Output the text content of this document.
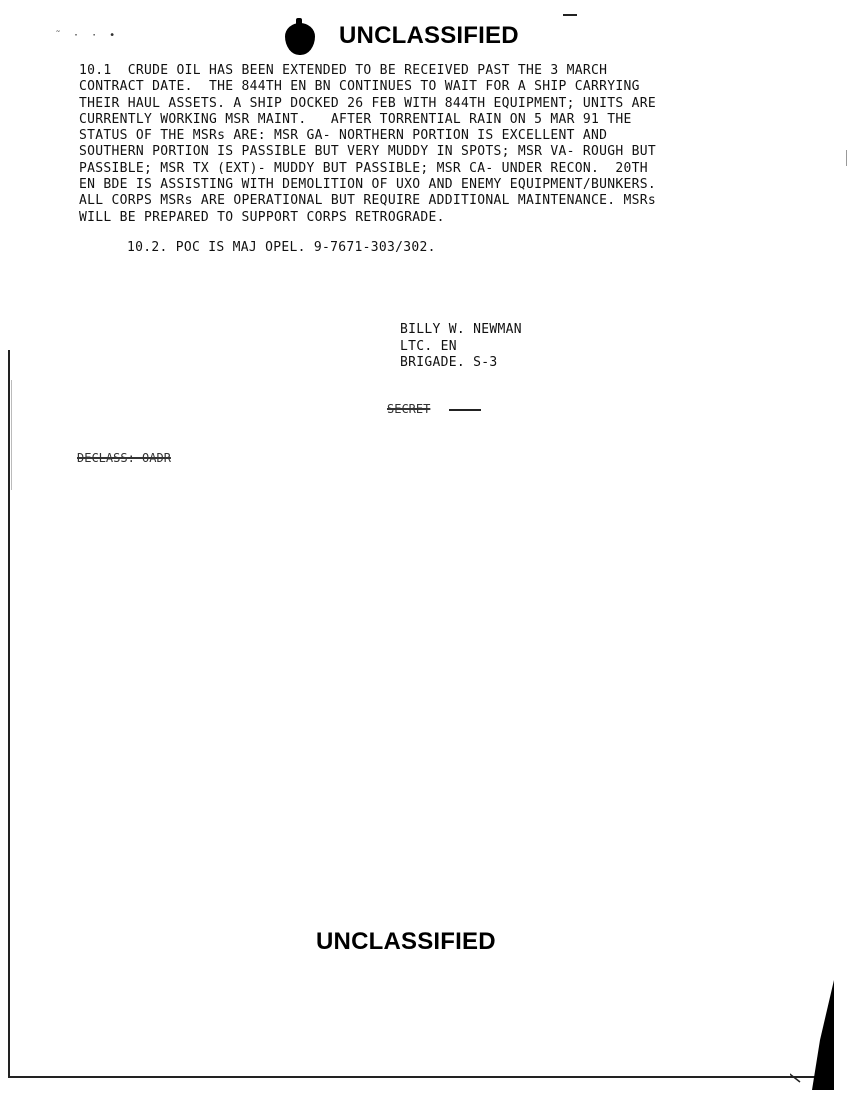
˜ · · •	UNCLASSIFIED
10.1  CRUDE OIL HAS BEEN EXTENDED TO BE RECEIVED PAST THE 3 MARCH
CONTRACT DATE.  THE 844TH EN BN CONTINUES TO WAIT FOR A SHIP CARRYING
THEIR HAUL ASSETS. A SHIP DOCKED 26 FEB WITH 844TH EQUIPMENT; UNITS ARE
CURRENTLY WORKING MSR MAINT.   AFTER TORRENTIAL RAIN ON 5 MAR 91 THE
STATUS OF THE MSRs ARE: MSR GA- NORTHERN PORTION IS EXCELLENT AND
SOUTHERN PORTION IS PASSIBLE BUT VERY MUDDY IN SPOTS; MSR VA- ROUGH BUT
PASSIBLE; MSR TX (EXT)- MUDDY BUT PASSIBLE; MSR CA- UNDER RECON.  20TH
EN BDE IS ASSISTING WITH DEMOLITION OF UXO AND ENEMY EQUIPMENT/BUNKERS.
ALL CORPS MSRs ARE OPERATIONAL BUT REQUIRE ADDITIONAL MAINTENANCE. MSRs
WILL BE PREPARED TO SUPPORT CORPS RETROGRADE.
10.2. POC IS MAJ OPEL. 9-7671-303/302.
BILLY W. NEWMAN
LTC. EN
BRIGADE. S-3
SECRET
DECLASS: OADR
UNCLASSIFIED
